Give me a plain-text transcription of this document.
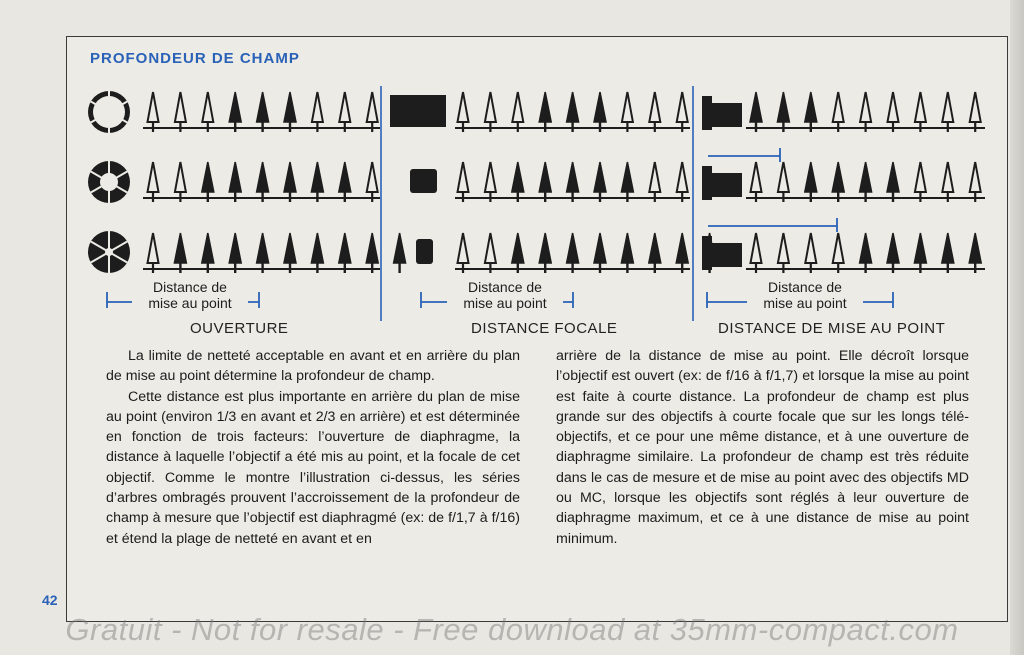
PROFONDEUR DE CHAMP
Distance de
mise au point
Distance de
mise au point
Distance de
mise au point
OUVERTURE	DISTANCE FOCALE	DISTANCE DE MISE AU POINT

La limite de netteté acceptable en avant et en arrière du plan de mise au point détermine la profondeur de champ.

Cette distance est plus importante en arrière du plan de mise au point (environ 1/3 en avant et 2/3 en arrière) et est déterminée en fonction de trois facteurs: l’ouverture de diaphragme, la distance à laquelle l’objectif a été mis au point, et la focale de cet objectif. Comme le montre l’illustration ci-dessus, les séries d’arbres ombragés prouvent l’accroissement de la profondeur de champ à mesure que l’objectif est diaphragmé (ex: de f/1,7 à f/16) et étend la plage de netteté en avant et en

arrière de la distance de mise au point. Elle décroît lorsque l’objectif est ouvert (ex: de f/16 à f/1,7) et lorsque la mise au point est faite à courte distance. La profondeur de champ est plus grande sur des objectifs à courte focale que sur les longs télé-objectifs, et ce pour une même distance, et à une ouverture de diaphragme similaire. La profondeur de champ est très réduite dans le cas de mesure et de mise au point avec des objectifs MD ou MC, lorsque les objectifs sont réglés à leur ouverture de diaphragme maximum, et ce à une distance de mise au point minimum.

42
Gratuit - Not for resale - Free download at 35mm-compact.com
